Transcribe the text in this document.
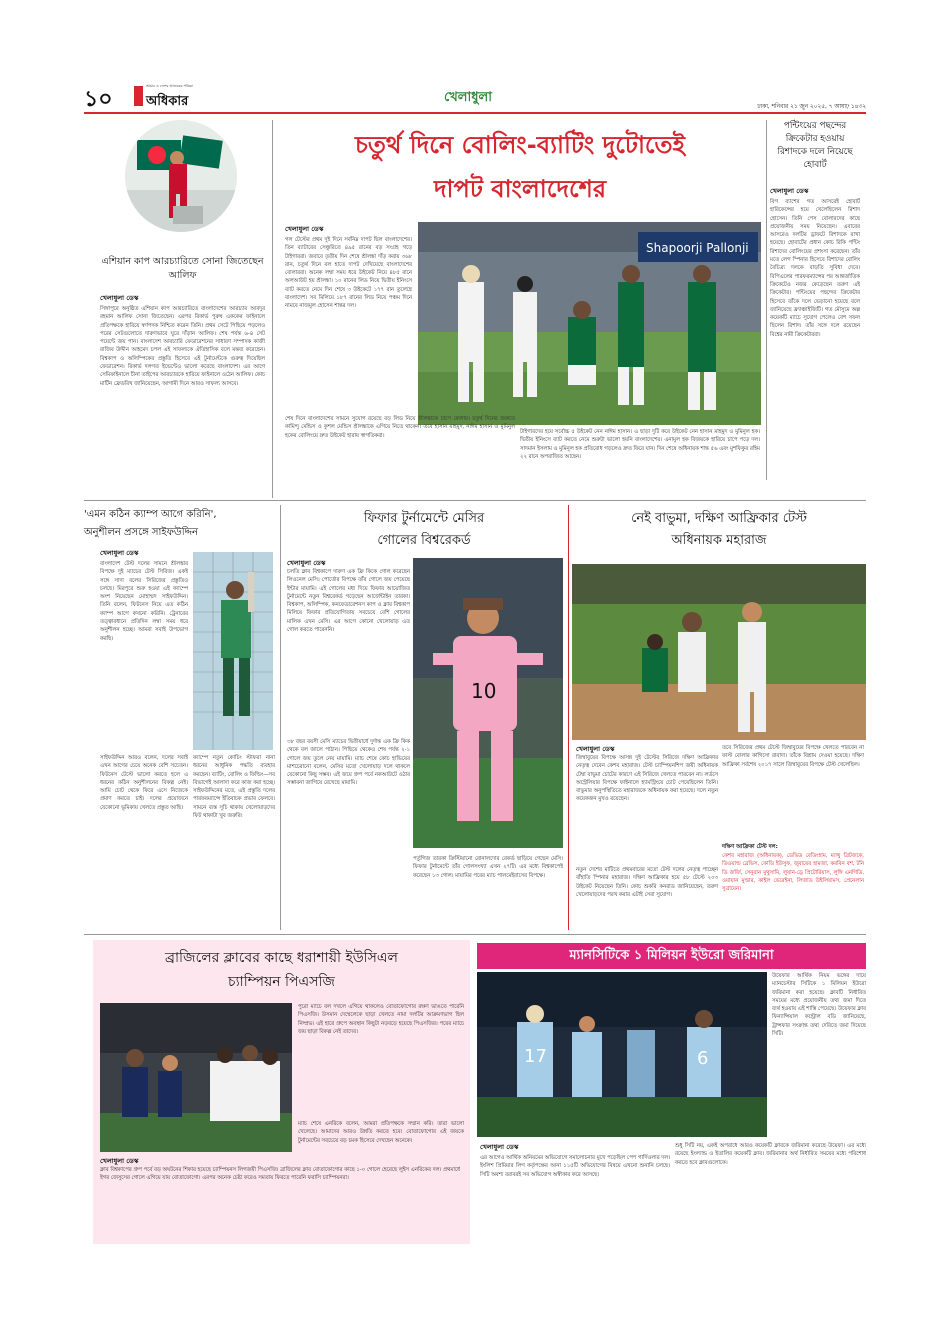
১০	আমার ও দেশের আজকের পত্রিকা
অধিকার	খেলাধুলা
ঢাকা, শনিবার ২১ জুন ২০২৫, ৭ আষাঢ় ১৪৩২
এশিয়ান কাপ আরচ্যারিতে সোনা জিতেছেন আলিফ
খেলাধুলা ডেস্ক
সিঙ্গাপুরে অনুষ্ঠিত এশিয়ান কাপ আরচ্যারিতে বাংলাদেশের আরচ্যার আবদুর রহমান আলিফ সোনা জিতেছেন। এরপর রিকার্ভ পুরুষ এককের ফাইনালে প্রতিপক্ষকে হারিয়ে স্বর্ণপদক নিশ্চিত করেন তিনি। প্রথম সেটে পিছিয়ে পড়লেও পরের সেটগুলোতে দারুণভাবে ঘুরে দাঁড়ান আলিফ। শেষ পর্যন্ত ৬-৪ সেট পয়েন্টে জয় পান। বাংলাদেশ আরচ্যারি ফেডারেশনের সাধারণ সম্পাদক কাজী রাজিব উদ্দীন আহমেদ চপল এই সাফল্যকে ঐতিহাসিক বলে মন্তব্য করেছেন। বিশ্বকাপ ও অলিম্পিকের প্রস্তুতি হিসেবে এই টুর্নামেন্টকে গুরুত্ব দিয়েছিল ফেডারেশন। রিকার্ভ দলগত ইভেন্টেও ভালো করেছে বাংলাদেশ। এর আগে সেমিফাইনালে চীনা তাইপের আরচ্যারকে হারিয়ে ফাইনালে ওঠেন আলিফ। কোচ মার্টিন ফ্রেডরিখ জানিয়েছেন, আগামী দিনে আরও সাফল্য আসবে।
চতুর্থ দিনে বোলিং-ব্যাটিং দুটোতেই
দাপট বাংলাদেশের
পন্টিংয়ের পছন্দের ক্রিকেটার হওয়ায় রিশাদকে দলে নিয়েছে হোবার্ট
খেলাধুলা ডেস্ক
বিগ ব্যাশের গত আসরেই হোবার্ট হারিকেন্সের হয়ে খেলেছিলেন রিশাদ হোসেন। তিনি পেস বোলারদের কাছে প্রয়োজনীয় সময় নিয়েছেন। এবারের আসরেও দলটির ড্রাফটে রিশাদকে রাখা হয়েছে। হোবার্টের প্রধান কোচ রিকি পন্টিং রিশাদের বোলিংয়ের প্রশংসা করেছেন। তাঁর মতে লেগ স্পিনার হিসেবে রিশাদের বোলিং বৈচিত্র্য দলকে বাড়তি সুবিধা দেবে। বিপিএলের পারফরম্যান্সের পর আন্তর্জাতিক ক্রিকেটেও নজর কেড়েছেন তরুণ এই ক্রিকেটার। পন্টিংয়ের পছন্দের ক্রিকেটার হিসেবে তাঁকে দলে ভেড়ানো হয়েছে বলে জানিয়েছে ফ্র্যাঞ্চাইজিটি। গত মৌসুমে অল্প কয়েকটি ম্যাচে সুযোগ পেলেও বেশ সফল ছিলেন রিশাদ। তাঁর সঙ্গে দলে রয়েছেন বিশ্বের নামী ক্রিকেটাররা।
খেলাধুলা ডেস্ক
গল টেস্টের প্রথম দুই দিনে সর্বনিম্ন দাপট ছিল বাংলাদেশের। তিন ব্যাটারের সেঞ্চুরিতে ৪৯৫ রানের বড় সংগ্রহ গড়ে টাইগাররা। জবাবে তৃতীয় দিন শেষে শ্রীলঙ্কা দাঁড় করায় ৩৬৮ রান, চতুর্থ দিনে বল হাতে দাপট দেখিয়েছে বাংলাদেশের বোলাররা। অনেক লম্বা সময় ধরে উইকেট নিয়ে ৪৮৫ রানে অলআউট হয় শ্রীলঙ্কা। ১০ রানের লিড নিয়ে দ্বিতীয় ইনিংসে ব্যাট করতে নেমে দিন শেষে ৩ উইকেটে ১৭৭ রান তুলেছে বাংলাদেশ। সব মিলিয়ে ১৮৭ রানের লিড নিয়ে পঞ্চম দিনে নামবে নাজমুল হোসেন শান্তর দল।
Shapoorji Pallonji
শেষ দিনে বাংলাদেশের সামনে সুযোগ রয়েছে বড় লিড নিয়ে শ্রীলঙ্কাকে চাপে ফেলার। চতুর্থ দিনের শুরুতে কামিন্দু মেন্ডিস ও কুশল মেন্ডিস শ্রীলঙ্কাকে এগিয়ে নিতে থাকেন। তবে হাসান মাহমুদ, নাঈম হাসান ও মুমিনুল হকের বোলিংয়ে দ্রুত উইকেট হারায় স্বাগতিকরা।
টাইগারদের হয়ে সর্বোচ্চ ৫ উইকেট নেন নাঈম হাসান। এ ছাড়া দুটি করে উইকেট নেন হাসান মাহমুদ ও মুমিনুল হক। দ্বিতীয় ইনিংসে ব্যাট করতে নেমে শুরুটা ভালো হয়নি বাংলাদেশের। এনামুল হক বিজয়কে হারিয়ে চাপে পড়ে দল। সাদমান ইসলাম ও মুমিনুল হক প্রতিরোধ গড়লেও দ্রুত ফিরে যান। দিন শেষে অধিনায়ক শান্ত ৫৬ এবং মুশফিকুর রহিম ২২ রানে অপরাজিত আছেন।
'এমন কঠিন ক্যাম্প আগে করিনি',
অনুশীলন প্রসঙ্গে সাইফউদ্দিন
খেলাধুলা ডেস্ক
বাংলাদেশ টেস্ট দলের সামনে শ্রীলঙ্কার বিপক্ষে দুই ম্যাচের টেস্ট সিরিজ। একই সঙ্গে সাদা বলের সিরিজের প্রস্তুতিও চলছে। মিরপুরে শুরু হওয়া এই ক্যাম্পে অংশ নিয়েছেন মোহাম্মদ সাইফউদ্দিন। তিনি বলেন, ফিটনেস নিয়ে এত কঠিন ক্যাম্প আগে কখনো করিনি। ট্রেনারের তত্ত্বাবধানে প্রতিদিন লম্বা সময় ধরে অনুশীলন হচ্ছে। আমরা সবাই উপভোগ করছি।
সাইফউদ্দিন আরও বলেন, দলের সবাই এখন আগের চেয়ে অনেক বেশি সচেতন। ফিটনেস টেস্টে ভালো করতে হলে এ ধরনের কঠিন অনুশীলনের বিকল্প নেই। আমি চোট থেকে ফিরে এসে নিজেকে প্রমাণ করতে চাই। দলের প্রয়োজনে যেকোনো ভূমিকায় খেলতে প্রস্তুত আছি।
ক্যাম্পে নতুন কোচিং স্টাফরা নানা ধরনের আধুনিক পদ্ধতি ব্যবহার করছেন। ব্যাটিং, বোলিং ও ফিল্ডিং—সব বিভাগেই আলাদা করে কাজ করা হচ্ছে। সাইফউদ্দিনের মতে, এই প্রস্তুতি দলের পারফরম্যান্সে ইতিবাচক প্রভাব ফেলবে। সামনে ব্যস্ত সূচি থাকায় খেলোয়াড়দের ফিট থাকাটা খুব জরুরি।
ফিফার টুর্নামেন্টে মেসির
গোলের বিশ্বরেকর্ড
খেলাধুলা ডেস্ক
চলতি ক্লাব বিশ্বকাপে দারুণ এক ফ্রি কিকে গোল করেছেন লিওনেল মেসি। পোর্তোর বিপক্ষে তাঁর গোলে জয় পেয়েছে ইন্টার মায়ামি। এই গোলের মধ্য দিয়ে ফিফার আয়োজিত টুর্নামেন্টে নতুন বিশ্বরেকর্ড গড়েছেন আর্জেন্টাইন তারকা। বিশ্বকাপ, অলিম্পিক, কনফেডারেশনস কাপ ও ক্লাব বিশ্বকাপ মিলিয়ে ফিফার প্রতিযোগিতায় সবচেয়ে বেশি গোলের মালিক এখন মেসি। এর আগে কোনো খেলোয়াড় এত গোল করতে পারেননি।
10
৩৮ বছর বয়সী মেসি ম্যাচের দ্বিতীয়ার্ধে দুর্দান্ত এক ফ্রি কিক থেকে বল জালে পাঠান। পিছিয়ে থেকেও শেষ পর্যন্ত ২-১ গোলে জয় তুলে নেয় মায়ামি। ম্যাচ শেষে কোচ হাভিয়ের মাশচেরানো বলেন, মেসির মতো খেলোয়াড় দলে থাকলে যেকোনো কিছু সম্ভব। এই জয়ে গ্রুপ পর্বে নকআউটে ওঠার সম্ভাবনা জাগিয়ে রেখেছে মায়ামি।
পর্তুগিজ তারকা ক্রিস্টিয়ানো রোনালদোর রেকর্ড ছাড়িয়ে গেছেন মেসি। ফিফার টুর্নামেন্টে তাঁর গোলসংখ্যা এখন ২৭টি। এর মধ্যে বিশ্বকাপেই করেছেন ১৩ গোল। মায়ামির পরের ম্যাচ পালমেইরাসের বিপক্ষে।
নেই বাভুমা, দক্ষিণ আফ্রিকার টেস্ট
অধিনায়ক মহারাজ
খেলাধুলা ডেস্ক
জিম্বাবুয়ের বিপক্ষে আসন্ন দুই টেস্টের সিরিজে দক্ষিণ আফ্রিকার নেতৃত্ব দেবেন কেশব মহারাজ। টেস্ট চ্যাম্পিয়নশিপ জয়ী অধিনায়ক টেম্বা বাভুমা চোটের কারণে এই সিরিজে খেলতে পারবেন না। লর্ডসে অস্ট্রেলিয়ার বিপক্ষে ফাইনালে হ্যামস্ট্রিংয়ে চোট পেয়েছিলেন তিনি। বাভুমার অনুপস্থিতিতে মহারাজকে অধিনায়ক করা হয়েছে। দলে নতুন কয়েকজন মুখও রয়েছেন।
নতুন দেশের মাটিতে প্রথমবারের মতো টেস্ট দলের নেতৃত্ব পাচ্ছেন বাঁহাতি স্পিনার মহারাজ। দক্ষিণ আফ্রিকার হয়ে ৫৮ টেস্টে ২০৩ উইকেট নিয়েছেন তিনি। কোচ শুকরি কনরাড জানিয়েছেন, তরুণ খেলোয়াড়দের পরখ করার এটাই সেরা সুযোগ।
তবে সিরিজের প্রথম টেস্টে জিম্বাবুয়ের বিপক্ষে খেলতে পারবেন না ফাস্ট বোলার কাগিসো রাবাদা। তাঁকে বিশ্রাম দেওয়া হয়েছে। দক্ষিণ আফ্রিকা সর্বশেষ ২০১৭ সালে জিম্বাবুয়ের বিপক্ষে টেস্ট খেলেছিল।
দক্ষিণ আফ্রিকা টেস্ট দল:
কেশব মহারাজ (অধিনায়ক), ডেভিড বেডিংহাম, ম্যাথু ব্রিটজকে, ডিওয়াল্ড ব্রেভিস, কোডি ইউসুফ, জুবায়ের হামজা, করবিন বশ, টনি ডি জর্জি, সেনুরান মুথুসামি, লুয়ান-ড্রে প্রিটোরিয়াস, লুঙ্গি এনগিডি, ওয়ায়ান মুল্ডার, কাইল ভেরেইনা, লিজাড উইলিয়ামস, প্রেনেলান সুব্রায়েন।
ব্রাজিলের ক্লাবের কাছে ধরাশায়ী ইউসিএল
চ্যাম্পিয়ন পিএসজি
খেলাধুলা ডেস্ক
ক্লাব বিশ্বকাপের গ্রুপ পর্বে বড় অঘটনের শিকার হয়েছে চ্যাম্পিয়নস লিগজয়ী পিএসজি। ব্রাজিলের ক্লাব বোতাফোগোর কাছে ১-০ গোলে হেরেছে লুইস এনরিকের দল। প্রথমার্ধে ইগর জেসুসের গোলে এগিয়ে যায় বোতাফোগো। এরপর অনেক চেষ্টা করেও সমতায় ফিরতে পারেনি ফরাসি চ্যাম্পিয়নরা।
পুরো ম্যাচে বল দখলে এগিয়ে থাকলেও বোতাফোগোর রক্ষণ ভাঙতে পারেনি পিএসজি। উসমান দেম্বেলেকে ছাড়া খেলতে নামা দলটির আক্রমণভাগ ছিল নিষ্প্রভ। এই হারে গ্রুপে অবস্থান কিছুটা নড়বড়ে হয়েছে পিএসজির। পরের ম্যাচে জয় ছাড়া বিকল্প নেই তাদের।
ম্যাচ শেষে এনরিকে বলেন, আমরা প্রতিপক্ষকে সম্মান করি। তারা ভালো খেলেছে। আমাদের আরও উন্নতি করতে হবে। বোতাফোগোর এই জয়কে টুর্নামেন্টের সবচেয়ে বড় চমক হিসেবে দেখছেন অনেকে।
ম্যানসিটিকে ১ মিলিয়ন ইউরো জরিমানা
17	6
উয়েফার আর্থিক নিয়ম ভঙ্গের দায়ে ম্যানচেস্টার সিটিকে ১ মিলিয়ন ইউরো জরিমানা করা হয়েছে। ক্লাবটি নির্ধারিত সময়ের মধ্যে প্রয়োজনীয় তথ্য জমা দিতে ব্যর্থ হওয়ায় এই শাস্তি পেয়েছে। উয়েফার ক্লাব ফিন্যান্সিয়াল কন্ট্রোল বডি জানিয়েছে, ট্রান্সফার সংক্রান্ত তথ্য দেরিতে জমা দিয়েছে সিটি।
খেলাধুলা ডেস্ক
এর আগেও আর্থিক অনিয়মের অভিযোগে সমালোচনার মুখে পড়েছিল পেপ গার্দিওলার দল। ইংলিশ প্রিমিয়ার লিগ কর্তৃপক্ষের আনা ১১৫টি অভিযোগের বিষয়ে এখনো শুনানি চলছে। সিটি অবশ্য বরাবরই সব অভিযোগ অস্বীকার করে আসছে।
শুধু সিটি নয়, একই অপরাধে আরও কয়েকটি ক্লাবকে জরিমানা করেছে উয়েফা। এর মধ্যে রয়েছে ইংল্যান্ড ও ইতালির কয়েকটি ক্লাব। জরিমানার অর্থ নির্ধারিত সময়ের মধ্যে পরিশোধ করতে হবে ক্লাবগুলোকে।
